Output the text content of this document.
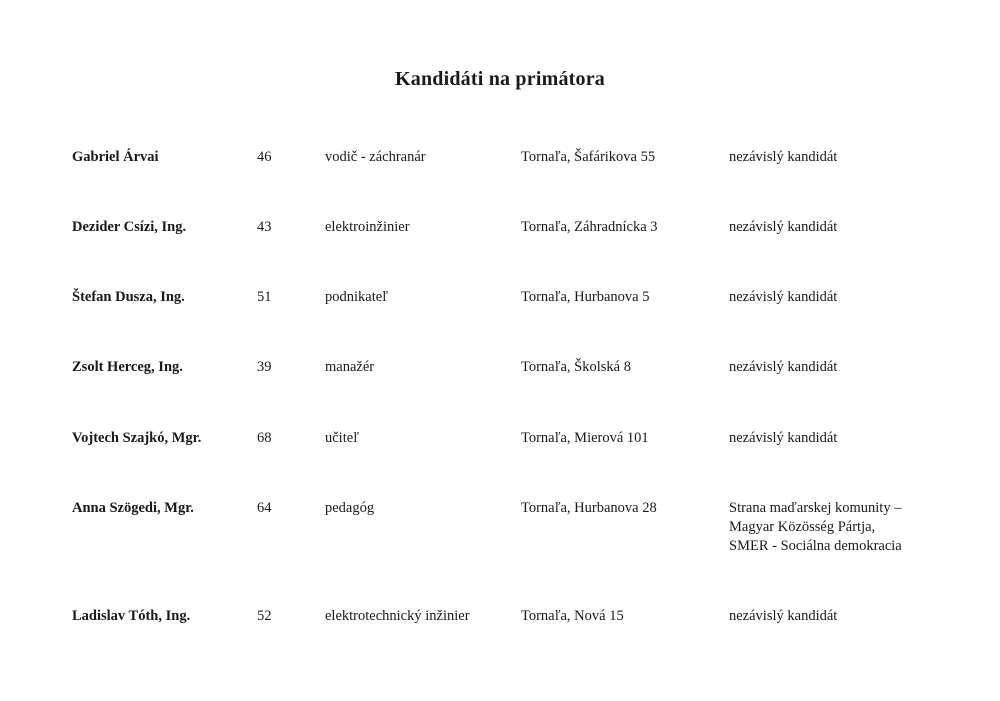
Kandidáti na primátora
Gabriel Árvai	46	vodič - záchranár	Tornaľa, Šafárikova 55	nezávislý kandidát

Dezider Csízi, Ing.	43	elektroinžinier	Tornaľa, Záhradnícka 3	nezávislý kandidát

Štefan Dusza, Ing.	51	podnikateľ	Tornaľa, Hurbanova 5	nezávislý kandidát

Zsolt Herceg, Ing.	39	manažér	Tornaľa, Školská 8	nezávislý kandidát

Vojtech Szajkó, Mgr.	68	učiteľ	Tornaľa, Mierová 101	nezávislý kandidát

Anna Szögedi, Mgr.	64	pedagóg	Tornaľa, Hurbanova 28	Strana maďarskej komunity –
Magyar Közösség Pártja,
SMER - Sociálna demokracia

Ladislav Tóth, Ing.	52	elektrotechnický inžinier	Tornaľa, Nová 15	nezávislý kandidát
